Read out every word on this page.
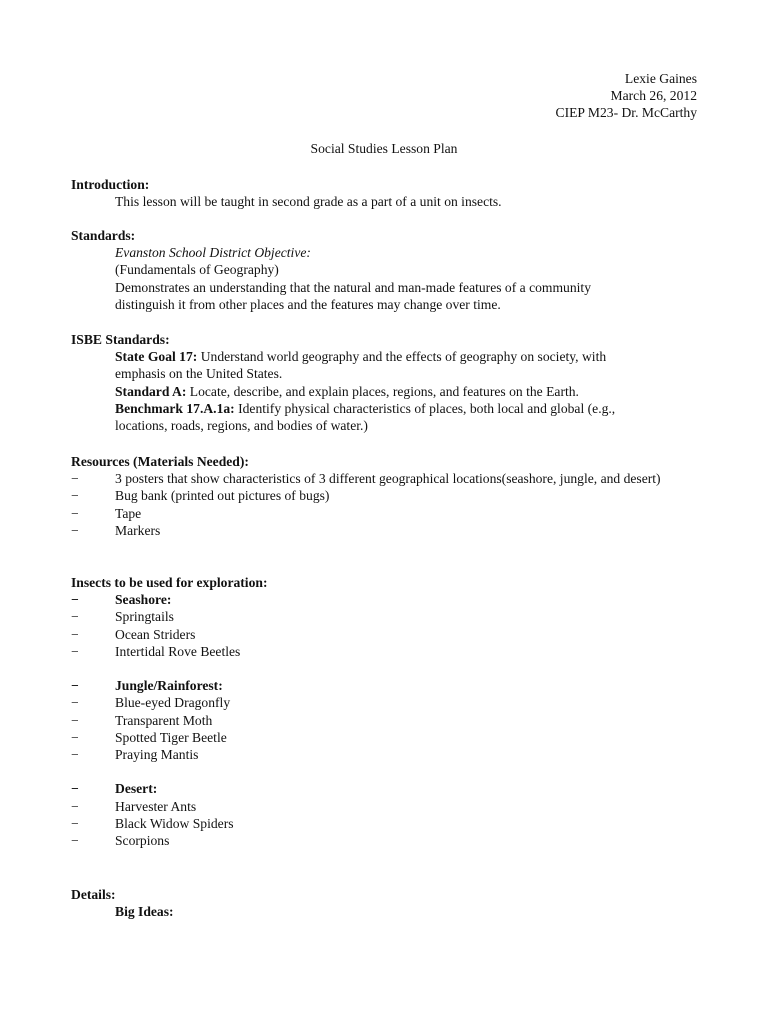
Lexie Gaines
March 26, 2012
CIEP M23- Dr. McCarthy
Social Studies Lesson Plan
Introduction:
This lesson will be taught in second grade as a part of a unit on insects.
Standards:
Evanston School District Objective:
(Fundamentals of Geography)
Demonstrates an understanding that the natural and man-made features of a community
distinguish it from other places and the features may change over time.
ISBE Standards:
State Goal 17: Understand world geography and the effects of geography on society, with
emphasis on the United States.
Standard A: Locate, describe, and explain places, regions, and features on the Earth.
Benchmark 17.A.1a: Identify physical characteristics of places, both local and global (e.g.,
locations, roads, regions, and bodies of water.)
Resources (Materials Needed):
−	3 posters that show characteristics of 3 different geographical locations(seashore, jungle, and desert)
−	Bug bank (printed out pictures of bugs)
−	Tape
−	Markers
Insects to be used for exploration:
−	Seashore:
−	Springtails
−	Ocean Striders
−	Intertidal Rove Beetles
−	Jungle/Rainforest:
−	Blue-eyed Dragonfly
−	Transparent Moth
−	Spotted Tiger Beetle
−	Praying Mantis
−	Desert:
−	Harvester Ants
−	Black Widow Spiders
−	Scorpions
Details:
Big Ideas:
